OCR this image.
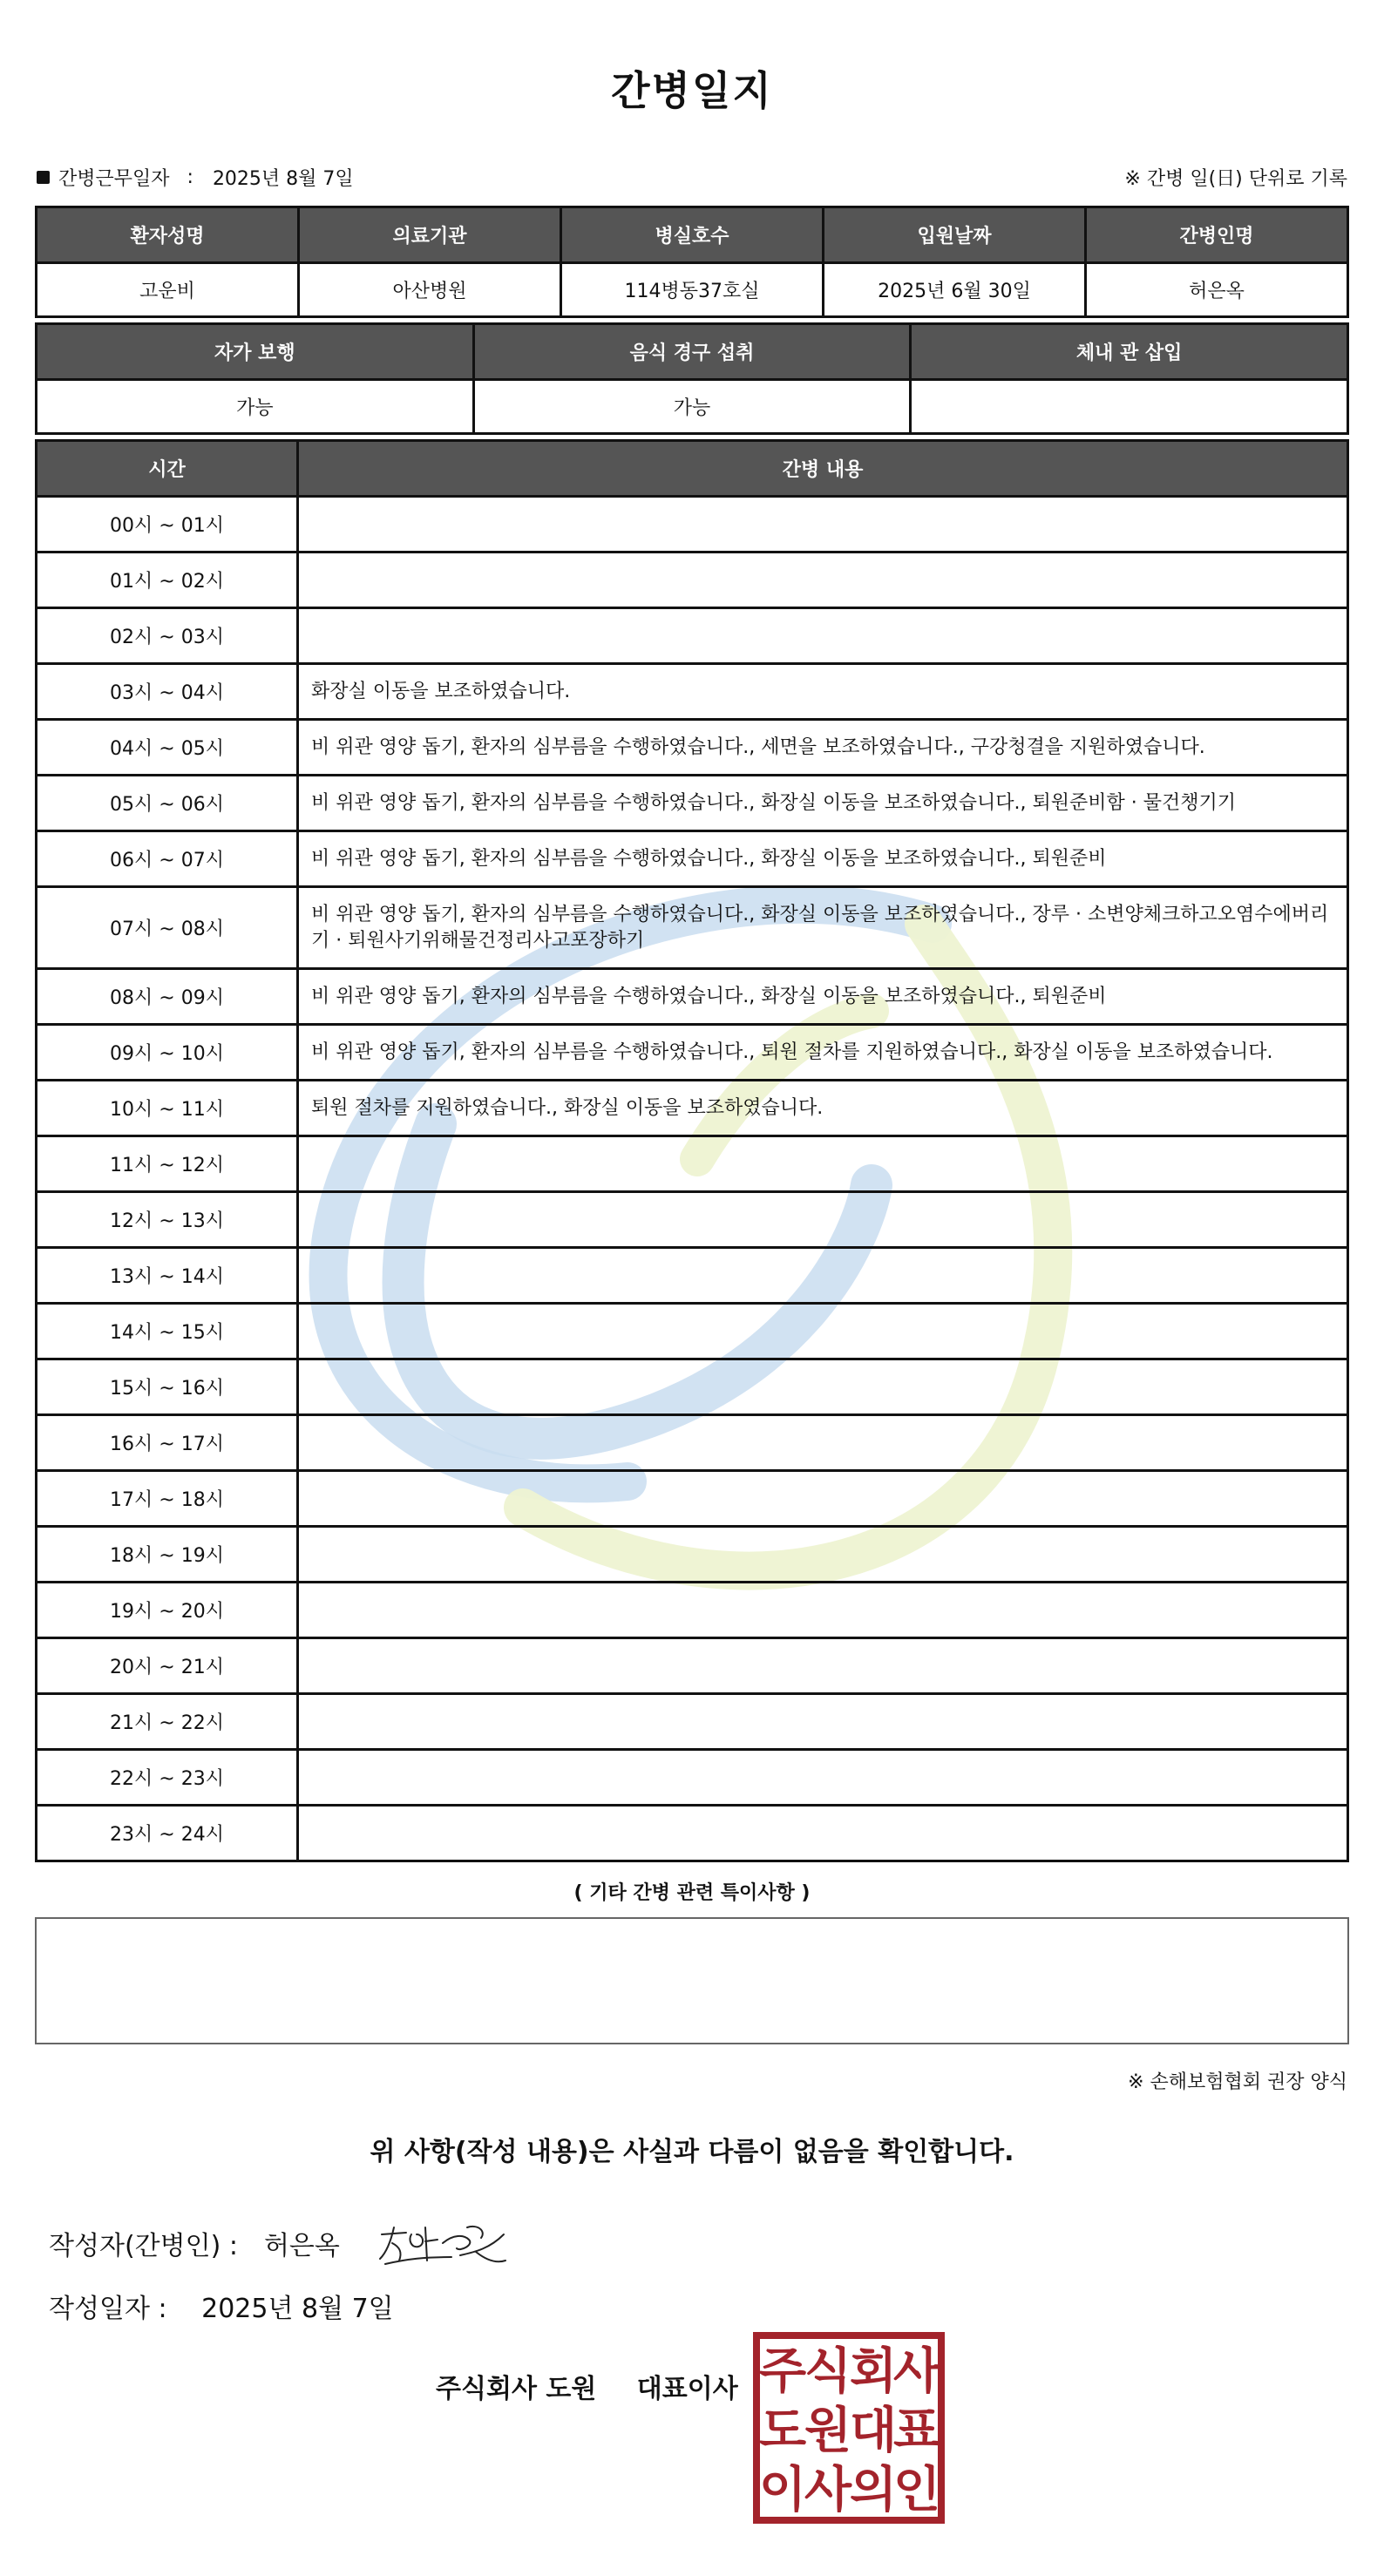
간병일지
간병근무일자 : 2025년 8월 7일	※ 간병 일(日) 단위로 기록
환자성명	의료기관	병실호수	입원날짜	간병인명
고운비	아산병원	114병동37호실	2025년 6월 30일	허은옥
자가 보행	음식 경구 섭취	체내 관 삽입
가능	가능	
시간	간병 내용
00시 ~ 01시	
01시 ~ 02시	
02시 ~ 03시	
03시 ~ 04시	화장실 이동을 보조하였습니다.
04시 ~ 05시	비 위관 영양 돕기, 환자의 심부름을 수행하였습니다., 세면을 보조하였습니다., 구강청결을 지원하였습니다.
05시 ~ 06시	비 위관 영양 돕기, 환자의 심부름을 수행하였습니다., 화장실 이동을 보조하였습니다., 퇴원준비함 · 물건챙기기
06시 ~ 07시	비 위관 영양 돕기, 환자의 심부름을 수행하였습니다., 화장실 이동을 보조하였습니다., 퇴원준비
07시 ~ 08시	비 위관 영양 돕기, 환자의 심부름을 수행하였습니다., 화장실 이동을 보조하였습니다., 장루 · 소변양체크하고오염수에버리기 · 퇴원사기위해물건정리사고포장하기
08시 ~ 09시	비 위관 영양 돕기, 환자의 심부름을 수행하였습니다., 화장실 이동을 보조하였습니다., 퇴원준비
09시 ~ 10시	비 위관 영양 돕기, 환자의 심부름을 수행하였습니다., 퇴원 절차를 지원하였습니다., 화장실 이동을 보조하였습니다.
10시 ~ 11시	퇴원 절차를 지원하였습니다., 화장실 이동을 보조하였습니다.
11시 ~ 12시	
12시 ~ 13시	
13시 ~ 14시	
14시 ~ 15시	
15시 ~ 16시	
16시 ~ 17시	
17시 ~ 18시	
18시 ~ 19시	
19시 ~ 20시	
20시 ~ 21시	
21시 ~ 22시	
22시 ~ 23시	
23시 ~ 24시	
( 기타 간병 관련 특이사항 )
※ 손해보험협회 권장 양식
위 사항(작성 내용)은 사실과 다름이 없음을 확인합니다.
작성자(간병인) : 허은옥
작성일자 : 2025년 8월 7일
주식회사 도원 대표이사 주
식
회
사
도
원
대
표
이
사
의
인
